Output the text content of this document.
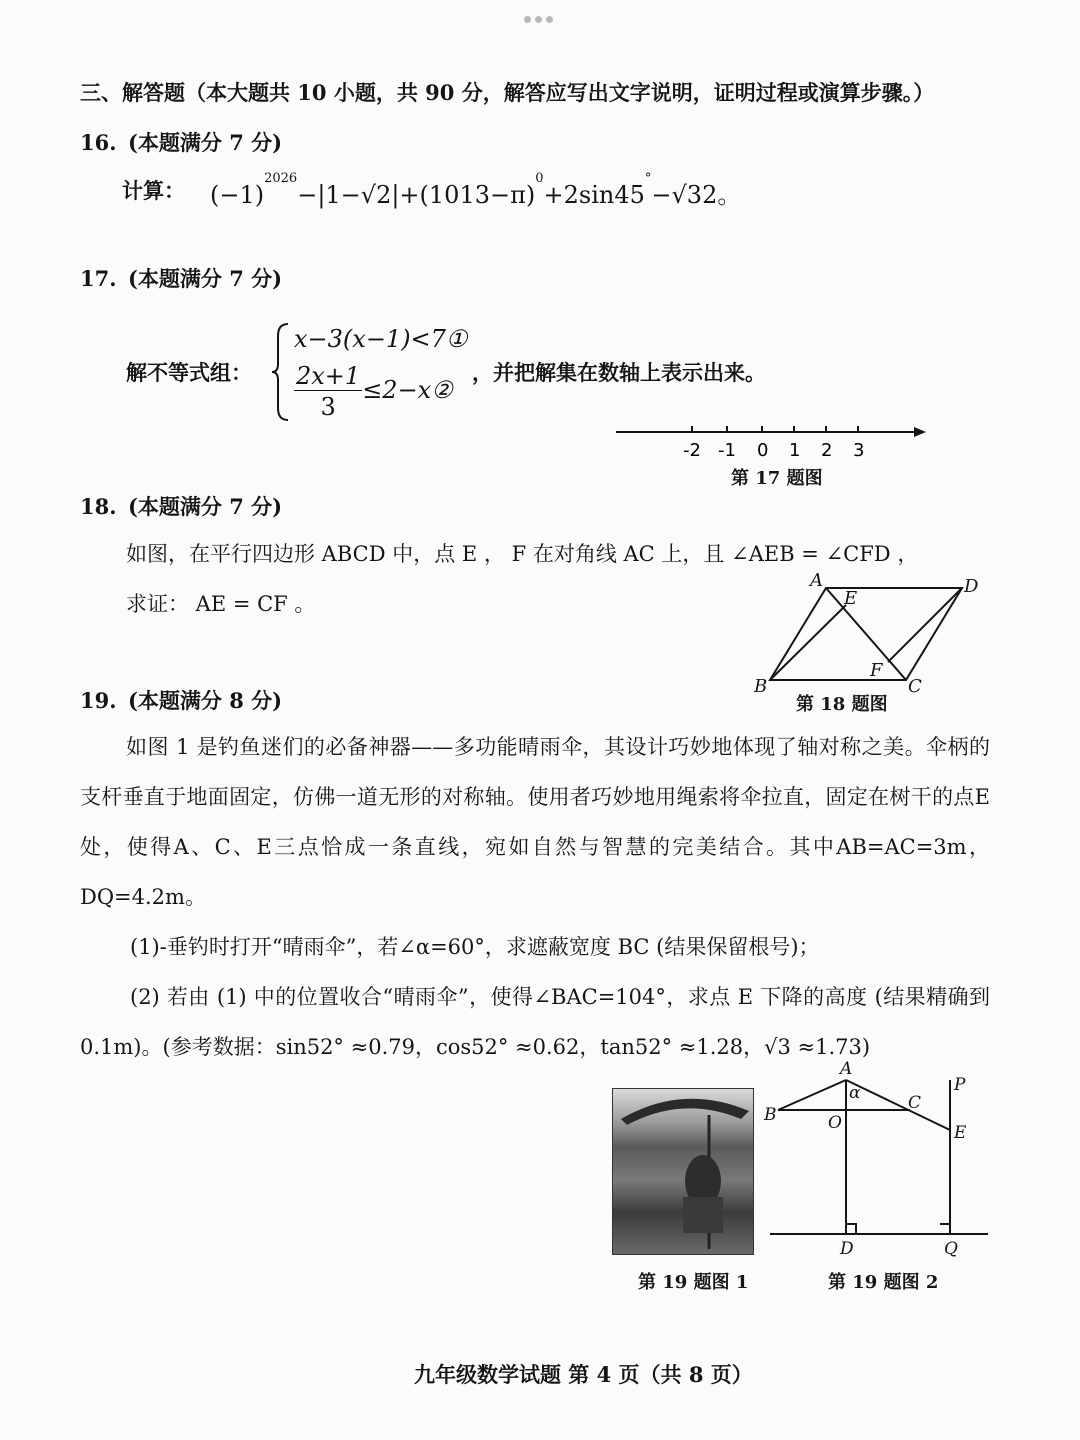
三、解答题（本大题共 10 小题，共 90 分，解答应写出文字说明，证明过程或演算步骤。）
16. (本题满分 7 分)
计算： $(-1)^{2026}-|1-√2|+(1013-\pi)^0+2\sin 45^\circ-√32$。
17. (本题满分 7 分)
解不等式组：
x−3(x−1)<7①
$\frac{2x+1}{3}$ ≤2−x②
，并把解集在数轴上表示出来。
-2 -1 0 1 2 3
第 17 题图
18. (本题满分 7 分)
如图，在平行四边形 ABCD 中，点 E ， F 在对角线 AC 上，且 ∠AEB = ∠CFD ，
求证： AE = CF 。
A	D
E
F
B	C
第 18 题图
19. (本题满分 8 分)
如图 1 是钓鱼迷们的必备神器——多功能晴雨伞，其设计巧妙地体现了轴对称之美。伞柄的支杆垂直于地面固定，仿佛一道无形的对称轴。使用者巧妙地用绳索将伞拉直，固定在树干的点E处，使得A、C、E三点恰成一条直线，宛如自然与智慧的完美结合。其中AB=AC=3m，DQ=4.2m。
(1)-垂钓时打开“晴雨伞”，若∠α=60°，求遮蔽宽度 BC (结果保留根号)；
(2) 若由 (1) 中的位置收合“晴雨伞”，使得∠BAC=104°，求点 E 下降的高度 (结果精确到 0.1m)。(参考数据：sin52° ≈0.79，cos52° ≈0.62，tan52° ≈1.28，√3 ≈1.73)
A
α
B	O
C
P
E
D	Q
第 19 题图 1	第 19 题图 2
九年级数学试题 第 4 页（共 8 页）
